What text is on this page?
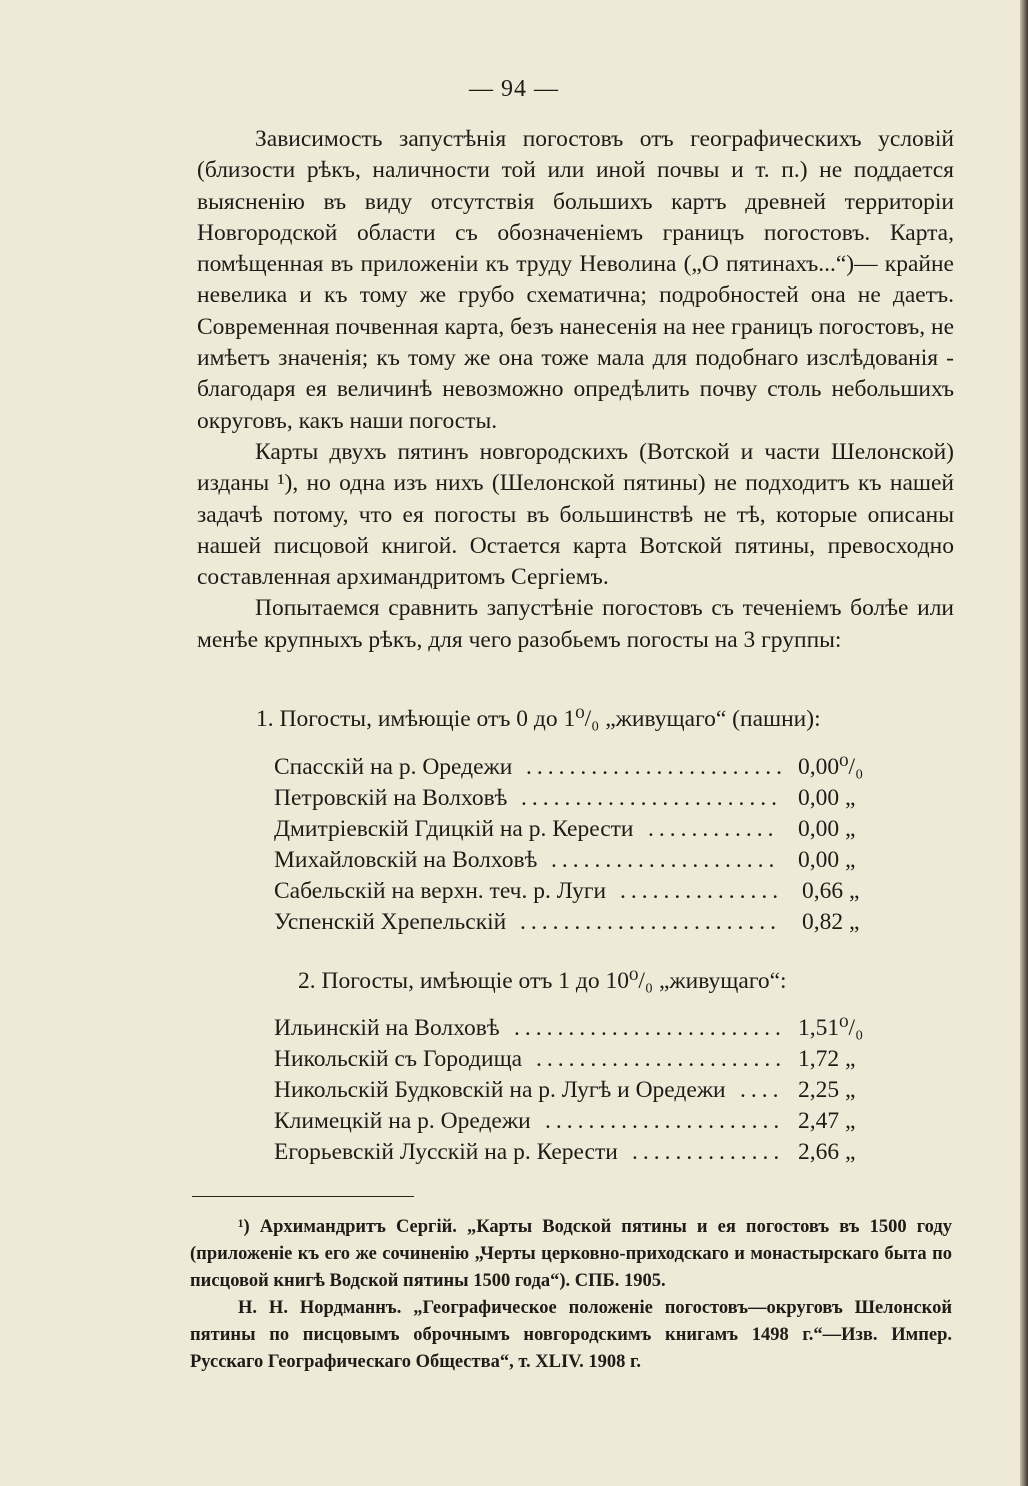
— 94 —

Зависимость запустѣнія погостовъ отъ географическихъ условій (близости рѣкъ, наличности той или иной почвы и т. п.) не поддается выясненію въ виду отсутствія большихъ картъ древней территоріи Новгородской области съ обозначеніемъ границъ погостовъ. Карта, помѣщенная въ приложеніи къ труду Неволина („О пятинахъ...“)— крайне невелика и къ тому же грубо схематична; подробностей она не даетъ. Современная почвенная карта, безъ нанесенія на нее границъ погостовъ, не имѣетъ значенія; къ тому же она тоже мала для подобнаго изслѣдованія - благодаря ея величинѣ невозможно опредѣлить почву столь небольшихъ округовъ, какъ наши погосты.

Карты двухъ пятинъ новгородскихъ (Вотской и части Шелонской) изданы ¹), но одна изъ нихъ (Шелонской пятины) не подходитъ къ нашей задачѣ потому, что ея погосты въ большинствѣ не тѣ, которые описаны нашей писцовой книгой. Остается карта Вотской пятины, превосходно составленная архимандритомъ Сергіемъ.

Попытаемся сравнить запустѣніе погостовъ съ теченіемъ болѣе или менѣе крупныхъ рѣкъ, для чего разобьемъ погосты на 3 группы:

1. Погосты, имѣющіе отъ 0 до 1⁰/₀ „живущаго“ (пашни):
Спасскій на р. Оредежи ........................ 0,00⁰/₀
Петровскій на Волховѣ ........................ 0,00 „
Дмитріевскій Гдицкій на р. Керести ............ 0,00 „
Михайловскій на Волховѣ ..................... 0,00 „
Сабельскій на верхн. теч. р. Луги ............... 0,66 „
Успенскій Хрепельскій ........................ 0,82 „
2. Погосты, имѣющіе отъ 1 до 10⁰/₀ „живущаго“:
Ильинскій на Волховѣ ......................... 1,51⁰/₀
Никольскій съ Городища ....................... 1,72 „
Никольскій Будковскій на р. Лугѣ и Оредежи .... 2,25 „
Климецкій на р. Оредежи ...................... 2,47 „
Егорьевскій Лусскій на р. Керести .............. 2,66 „

¹) Архимандритъ Сергій. „Карты Водской пятины и ея погостовъ въ 1500 году (приложеніе къ его же сочиненію „Черты церковно-приходскаго и монастырскаго быта по писцовой книгѣ Водской пятины 1500 года“). СПБ. 1905.

Н. Н. Нордманнъ. „Географическое положеніе погостовъ—округовъ Шелонской пятины по писцовымъ оброчнымъ новгородскимъ книгамъ 1498 г.“—Изв. Импер. Русскаго Географическаго Общества“, т. XLIV. 1908 г.
